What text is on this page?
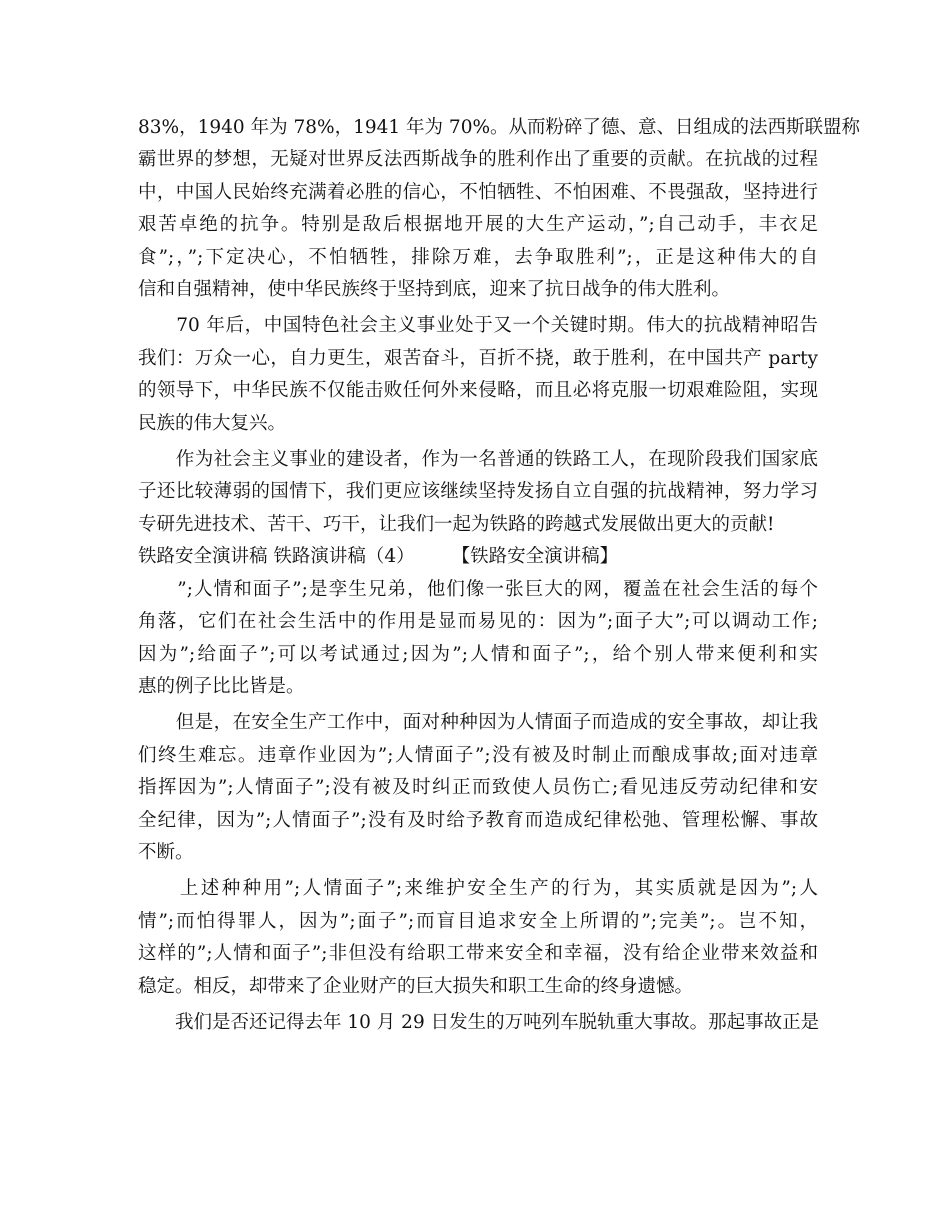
83%，1940 年为 78%，1941 年为 70%。从而粉碎了德、意、日组成的法西斯联盟称
霸世界的梦想，无疑对世界反法西斯战争的胜利作出了重要的贡献。在抗战的过程
中，中国人民始终充满着必胜的信心，不怕牺牲、不怕困难、不畏强敌，坚持进行
艰苦卓绝的抗争。特别是敌后根据地开展的大生产运动，”;自己动手，丰衣足
食”;，”;下定决心，不怕牺牲，排除万难，去争取胜利”;，正是这种伟大的自
信和自强精神，使中华民族终于坚持到底，迎来了抗日战争的伟大胜利。
　　70 年后，中国特色社会主义事业处于又一个关键时期。伟大的抗战精神昭告
我们：万众一心，自力更生，艰苦奋斗，百折不挠，敢于胜利，在中国共产 party
的领导下，中华民族不仅能击败任何外来侵略，而且必将克服一切艰难险阻，实现
民族的伟大复兴。
　　作为社会主义事业的建设者，作为一名普通的铁路工人，在现阶段我们国家底
子还比较薄弱的国情下，我们更应该继续坚持发扬自立自强的抗战精神，努力学习
专研先进技术、苦干、巧干，让我们一起为铁路的跨越式发展做出更大的贡献!
铁路安全演讲稿 铁路演讲稿（4）　　　【铁路安全演讲稿】
　　”;人情和面子”;是孪生兄弟，他们像一张巨大的网，覆盖在社会生活的每个
角落，它们在社会生活中的作用是显而易见的：因为”;面子大”;可以调动工作;
因为”;给面子”;可以考试通过;因为”;人情和面子”;，给个别人带来便利和实
惠的例子比比皆是。
　　但是，在安全生产工作中，面对种种因为人情面子而造成的安全事故，却让我
们终生难忘。违章作业因为”;人情面子”;没有被及时制止而酿成事故;面对违章
指挥因为”;人情面子”;没有被及时纠正而致使人员伤亡;看见违反劳动纪律和安
全纪律，因为”;人情面子”;没有及时给予教育而造成纪律松弛、管理松懈、事故
不断。
　　上述种种用”;人情面子”;来维护安全生产的行为，其实质就是因为”;人
情”;而怕得罪人，因为”;面子”;而盲目追求安全上所谓的”;完美”;。岂不知，
这样的”;人情和面子”;非但没有给职工带来安全和幸福，没有给企业带来效益和
稳定。相反，却带来了企业财产的巨大损失和职工生命的终身遗憾。
　　我们是否还记得去年 10 月 29 日发生的万吨列车脱轨重大事故。那起事故正是
